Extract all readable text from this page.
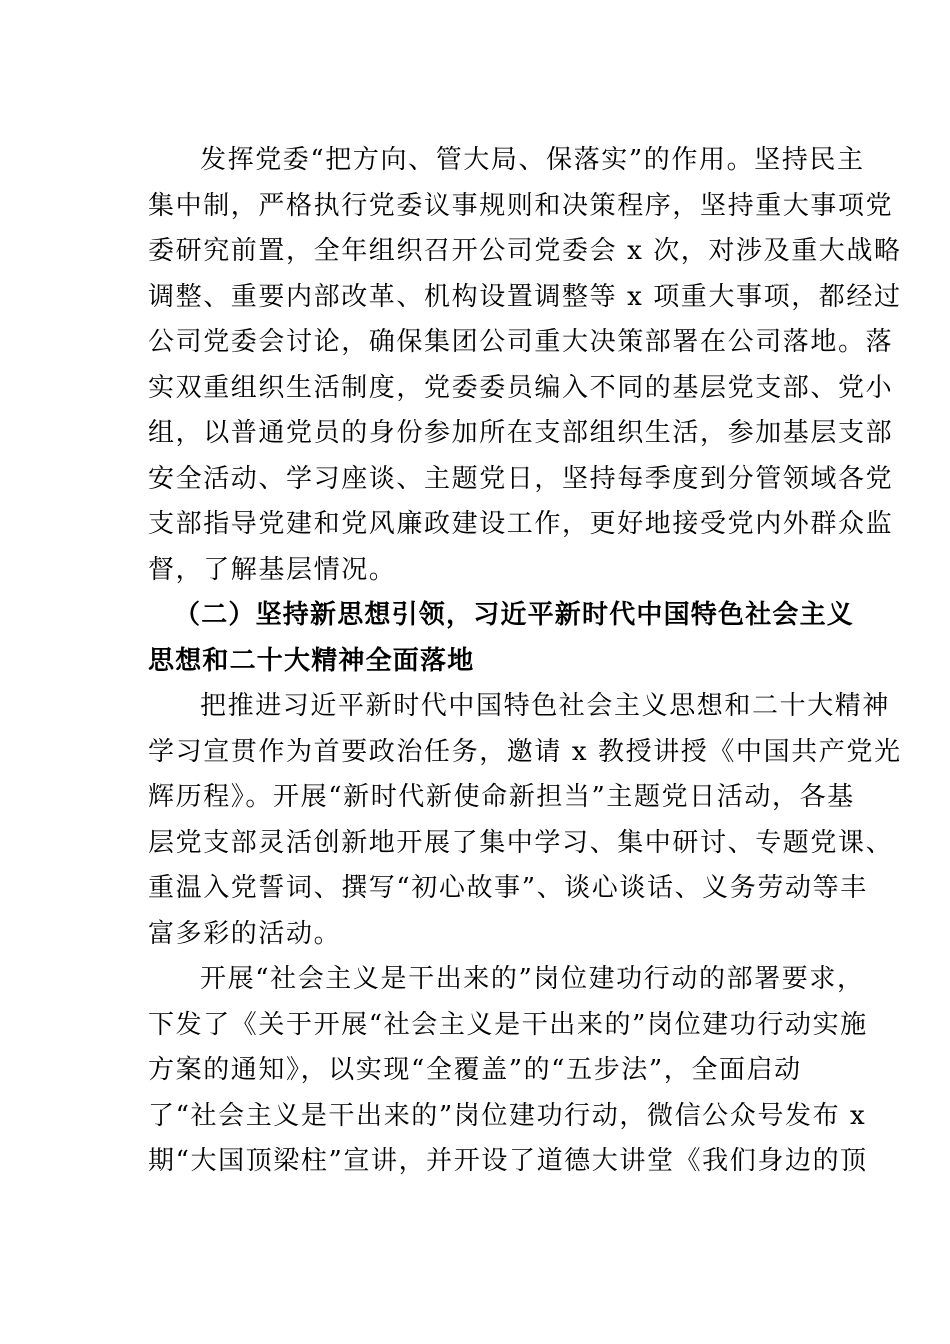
发挥党委“把方向、管大局、保落实”的作用。坚持民主
集中制，严格执行党委议事规则和决策程序，坚持重大事项党
委研究前置，全年组织召开公司党委会 x 次，对涉及重大战略
调整、重要内部改革、机构设置调整等 x 项重大事项，都经过
公司党委会讨论，确保集团公司重大决策部署在公司落地。落
实双重组织生活制度，党委委员编入不同的基层党支部、党小
组，以普通党员的身份参加所在支部组织生活，参加基层支部
安全活动、学习座谈、主题党日，坚持每季度到分管领域各党
支部指导党建和党风廉政建设工作，更好地接受党内外群众监
督，了解基层情况。
（二）坚持新思想引领，习近平新时代中国特色社会主义
思想和二十大精神全面落地
把推进习近平新时代中国特色社会主义思想和二十大精神
学习宣贯作为首要政治任务，邀请 x 教授讲授《中国共产党光
辉历程》。开展“新时代新使命新担当”主题党日活动，各基
层党支部灵活创新地开展了集中学习、集中研讨、专题党课、
重温入党誓词、撰写“初心故事”、谈心谈话、义务劳动等丰
富多彩的活动。
开展“社会主义是干出来的”岗位建功行动的部署要求，
下发了《关于开展“社会主义是干出来的”岗位建功行动实施
方案的通知》，以实现“全覆盖”的“五步法”，全面启动
了“社会主义是干出来的”岗位建功行动，微信公众号发布 x
期“大国顶梁柱”宣讲，并开设了道德大讲堂《我们身边的顶
